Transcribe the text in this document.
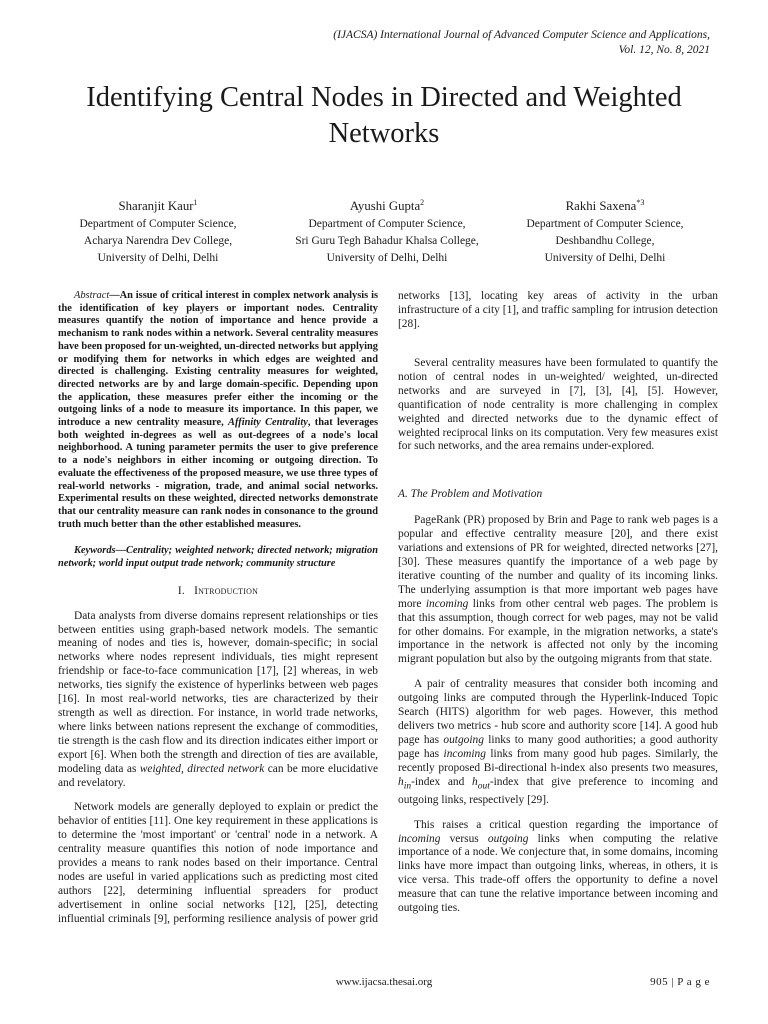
(IJACSA) International Journal of Advanced Computer Science and Applications,
Vol. 12, No. 8, 2021
Identifying Central Nodes in Directed and Weighted
Networks
Sharanjit Kaur$^1$
Department of Computer Science,
Acharya Narendra Dev College,
University of Delhi, Delhi
Ayushi Gupta$^2$
Department of Computer Science,
Sri Guru Tegh Bahadur Khalsa College,
University of Delhi, Delhi
Rakhi Saxena$^{*3}$
Department of Computer Science,
Deshbandhu College,
University of Delhi, Delhi

Abstract—An issue of critical interest in complex network analysis is the identification of key players or important nodes. Centrality measures quantify the notion of importance and hence provide a mechanism to rank nodes within a network. Several centrality measures have been proposed for un-weighted, un-directed networks but applying or modifying them for networks in which edges are weighted and directed is challenging. Existing centrality measures for weighted, directed networks are by and large domain-specific. Depending upon the application, these measures prefer either the incoming or the outgoing links of a node to measure its importance. In this paper, we introduce a new centrality measure, Affinity Centrality, that leverages both weighted in-degrees as well as out-degrees of a node's local neighborhood. A tuning parameter permits the user to give preference to a node's neighbors in either incoming or outgoing direction. To evaluate the effectiveness of the proposed measure, we use three types of real-world networks - migration, trade, and animal social networks. Experimental results on these weighted, directed networks demonstrate that our centrality measure can rank nodes in consonance to the ground truth much better than the other established measures.

Keywords—Centrality; weighted network; directed network; migration network; world input output trade network; community structure

I. Introduction

Data analysts from diverse domains represent relationships or ties between entities using graph-based network models. The semantic meaning of nodes and ties is, however, domain-specific; in social networks where nodes represent individuals, ties might represent friendship or face-to-face communication [17], [2] whereas, in web networks, ties signify the existence of hyperlinks between web pages [16]. In most real-world networks, ties are characterized by their strength as well as direction. For instance, in world trade networks, where links between nations represent the exchange of commodities, tie strength is the cash flow and its direction indicates either import or export [6]. When both the strength and direction of ties are available, modeling data as weighted, directed network can be more elucidative and revelatory.

Network models are generally deployed to explain or predict the behavior of entities [11]. One key requirement in these applications is to determine the 'most important' or 'central' node in a network. A centrality measure quantifies this notion of node importance and provides a means to rank nodes based on their importance. Central nodes are useful in varied applications such as predicting most cited authors [22], determining influential spreaders for product advertisement in online social networks [12], [25], detecting influential criminals [9], performing resilience analysis of power grid

networks [13], locating key areas of activity in the urban infrastructure of a city [1], and traffic sampling for intrusion detection [28].

Several centrality measures have been formulated to quantify the notion of central nodes in un-weighted/ weighted, un-directed networks and are surveyed in [7], [3], [4], [5]. However, quantification of node centrality is more challenging in complex weighted and directed networks due to the dynamic effect of weighted reciprocal links on its computation. Very few measures exist for such networks, and the area remains under-explored.

A. The Problem and Motivation

PageRank (PR) proposed by Brin and Page to rank web pages is a popular and effective centrality measure [20], and there exist variations and extensions of PR for weighted, directed networks [27], [30]. These measures quantify the importance of a web page by iterative counting of the number and quality of its incoming links. The underlying assumption is that more important web pages have more incoming links from other central web pages. The problem is that this assumption, though correct for web pages, may not be valid for other domains. For example, in the migration networks, a state's importance in the network is affected not only by the incoming migrant population but also by the outgoing migrants from that state.

A pair of centrality measures that consider both incoming and outgoing links are computed through the Hyperlink-Induced Topic Search (HITS) algorithm for web pages. However, this method delivers two metrics - hub score and authority score [14]. A good hub page has outgoing links to many good authorities; a good authority page has incoming links from many good hub pages. Similarly, the recently proposed Bi-directional h-index also presents two measures, $h_{in}$-index and $h_{out}$-index that give preference to incoming and outgoing links, respectively [29].

This raises a critical question regarding the importance of incoming versus outgoing links when computing the relative importance of a node. We conjecture that, in some domains, incoming links have more impact than outgoing links, whereas, in others, it is vice versa. This trade-off offers the opportunity to define a novel measure that can tune the relative importance between incoming and outgoing ties.

www.ijacsa.thesai.org	905 | P a g e
